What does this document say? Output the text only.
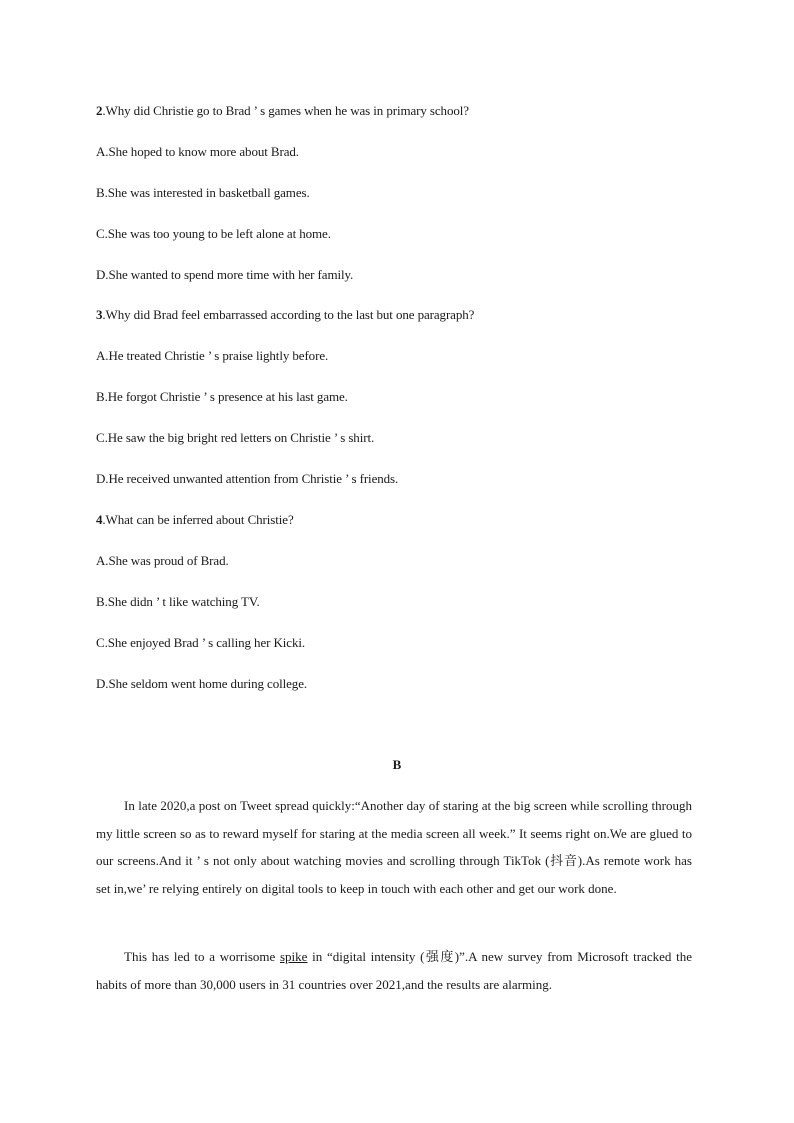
2.Why did Christie go to Brad ’ s games when he was in primary school?
A.She hoped to know more about Brad.
B.She was interested in basketball games.
C.She was too young to be left alone at home.
D.She wanted to spend more time with her family.
3.Why did Brad feel embarrassed according to the last but one paragraph?
A.He treated Christie ’ s praise lightly before.
B.He forgot Christie ’ s presence at his last game.
C.He saw the big bright red letters on Christie ’ s shirt.
D.He received unwanted attention from Christie ’ s friends.
4.What can be inferred about Christie?
A.She was proud of Brad.
B.She didn ’ t like watching TV.
C.She enjoyed Brad ’ s calling her Kicki.
D.She seldom went home during college.
B
In late 2020,a post on Tweet spread quickly:“Another day of staring at the big screen while scrolling through my little screen so as to reward myself for staring at the media screen all week.” It seems right on.We are glued to our screens.And it ’ s not only about watching movies and scrolling through TikTok (抖音).As remote work has set in,we’ re relying entirely on digital tools to keep in touch with each other and get our work done.
This has led to a worrisome spike in “digital intensity (强度)”.A new survey from Microsoft tracked the habits of more than 30,000 users in 31 countries over 2021,and the results are alarming.
